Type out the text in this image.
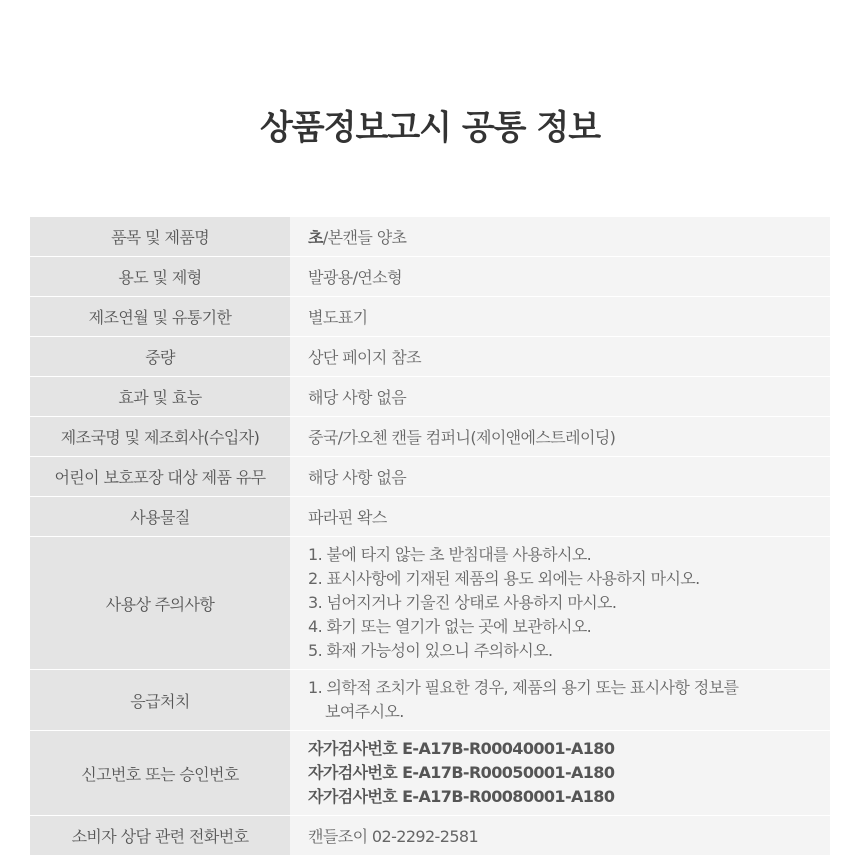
상품정보고시 공통 정보
품목 및 제품명	초/본캔들 양초
용도 및 제형	발광용/연소형
제조연월 및 유통기한	별도표기
중량	상단 페이지 참조
효과 및 효능	해당 사항 없음
제조국명 및 제조회사(수입자)	중국/가오첸 캔들 컴퍼니(제이앤에스트레이딩)
어린이 보호포장 대상 제품 유무	해당 사항 없음
사용물질	파라핀 왁스
사용상 주의사항	1. 불에 타지 않는 초 받침대를 사용하시오.
2. 표시사항에 기재된 제품의 용도 외에는 사용하지 마시오.
3. 넘어지거나 기울진 상태로 사용하지 마시오.
4. 화기 또는 열기가 없는 곳에 보관하시오.
5. 화재 가능성이 있으니 주의하시오.

응급처치	1. 의학적 조치가 필요한 경우, 제품의 용기 또는 표시사항 정보를
보여주시오.

신고번호 또는 승인번호	자가검사번호 E-A17B-R00040001-A180
자가검사번호 E-A17B-R00050001-A180
자가검사번호 E-A17B-R00080001-A180

소비자 상담 관련 전화번호	캔들조이 02-2292-2581
